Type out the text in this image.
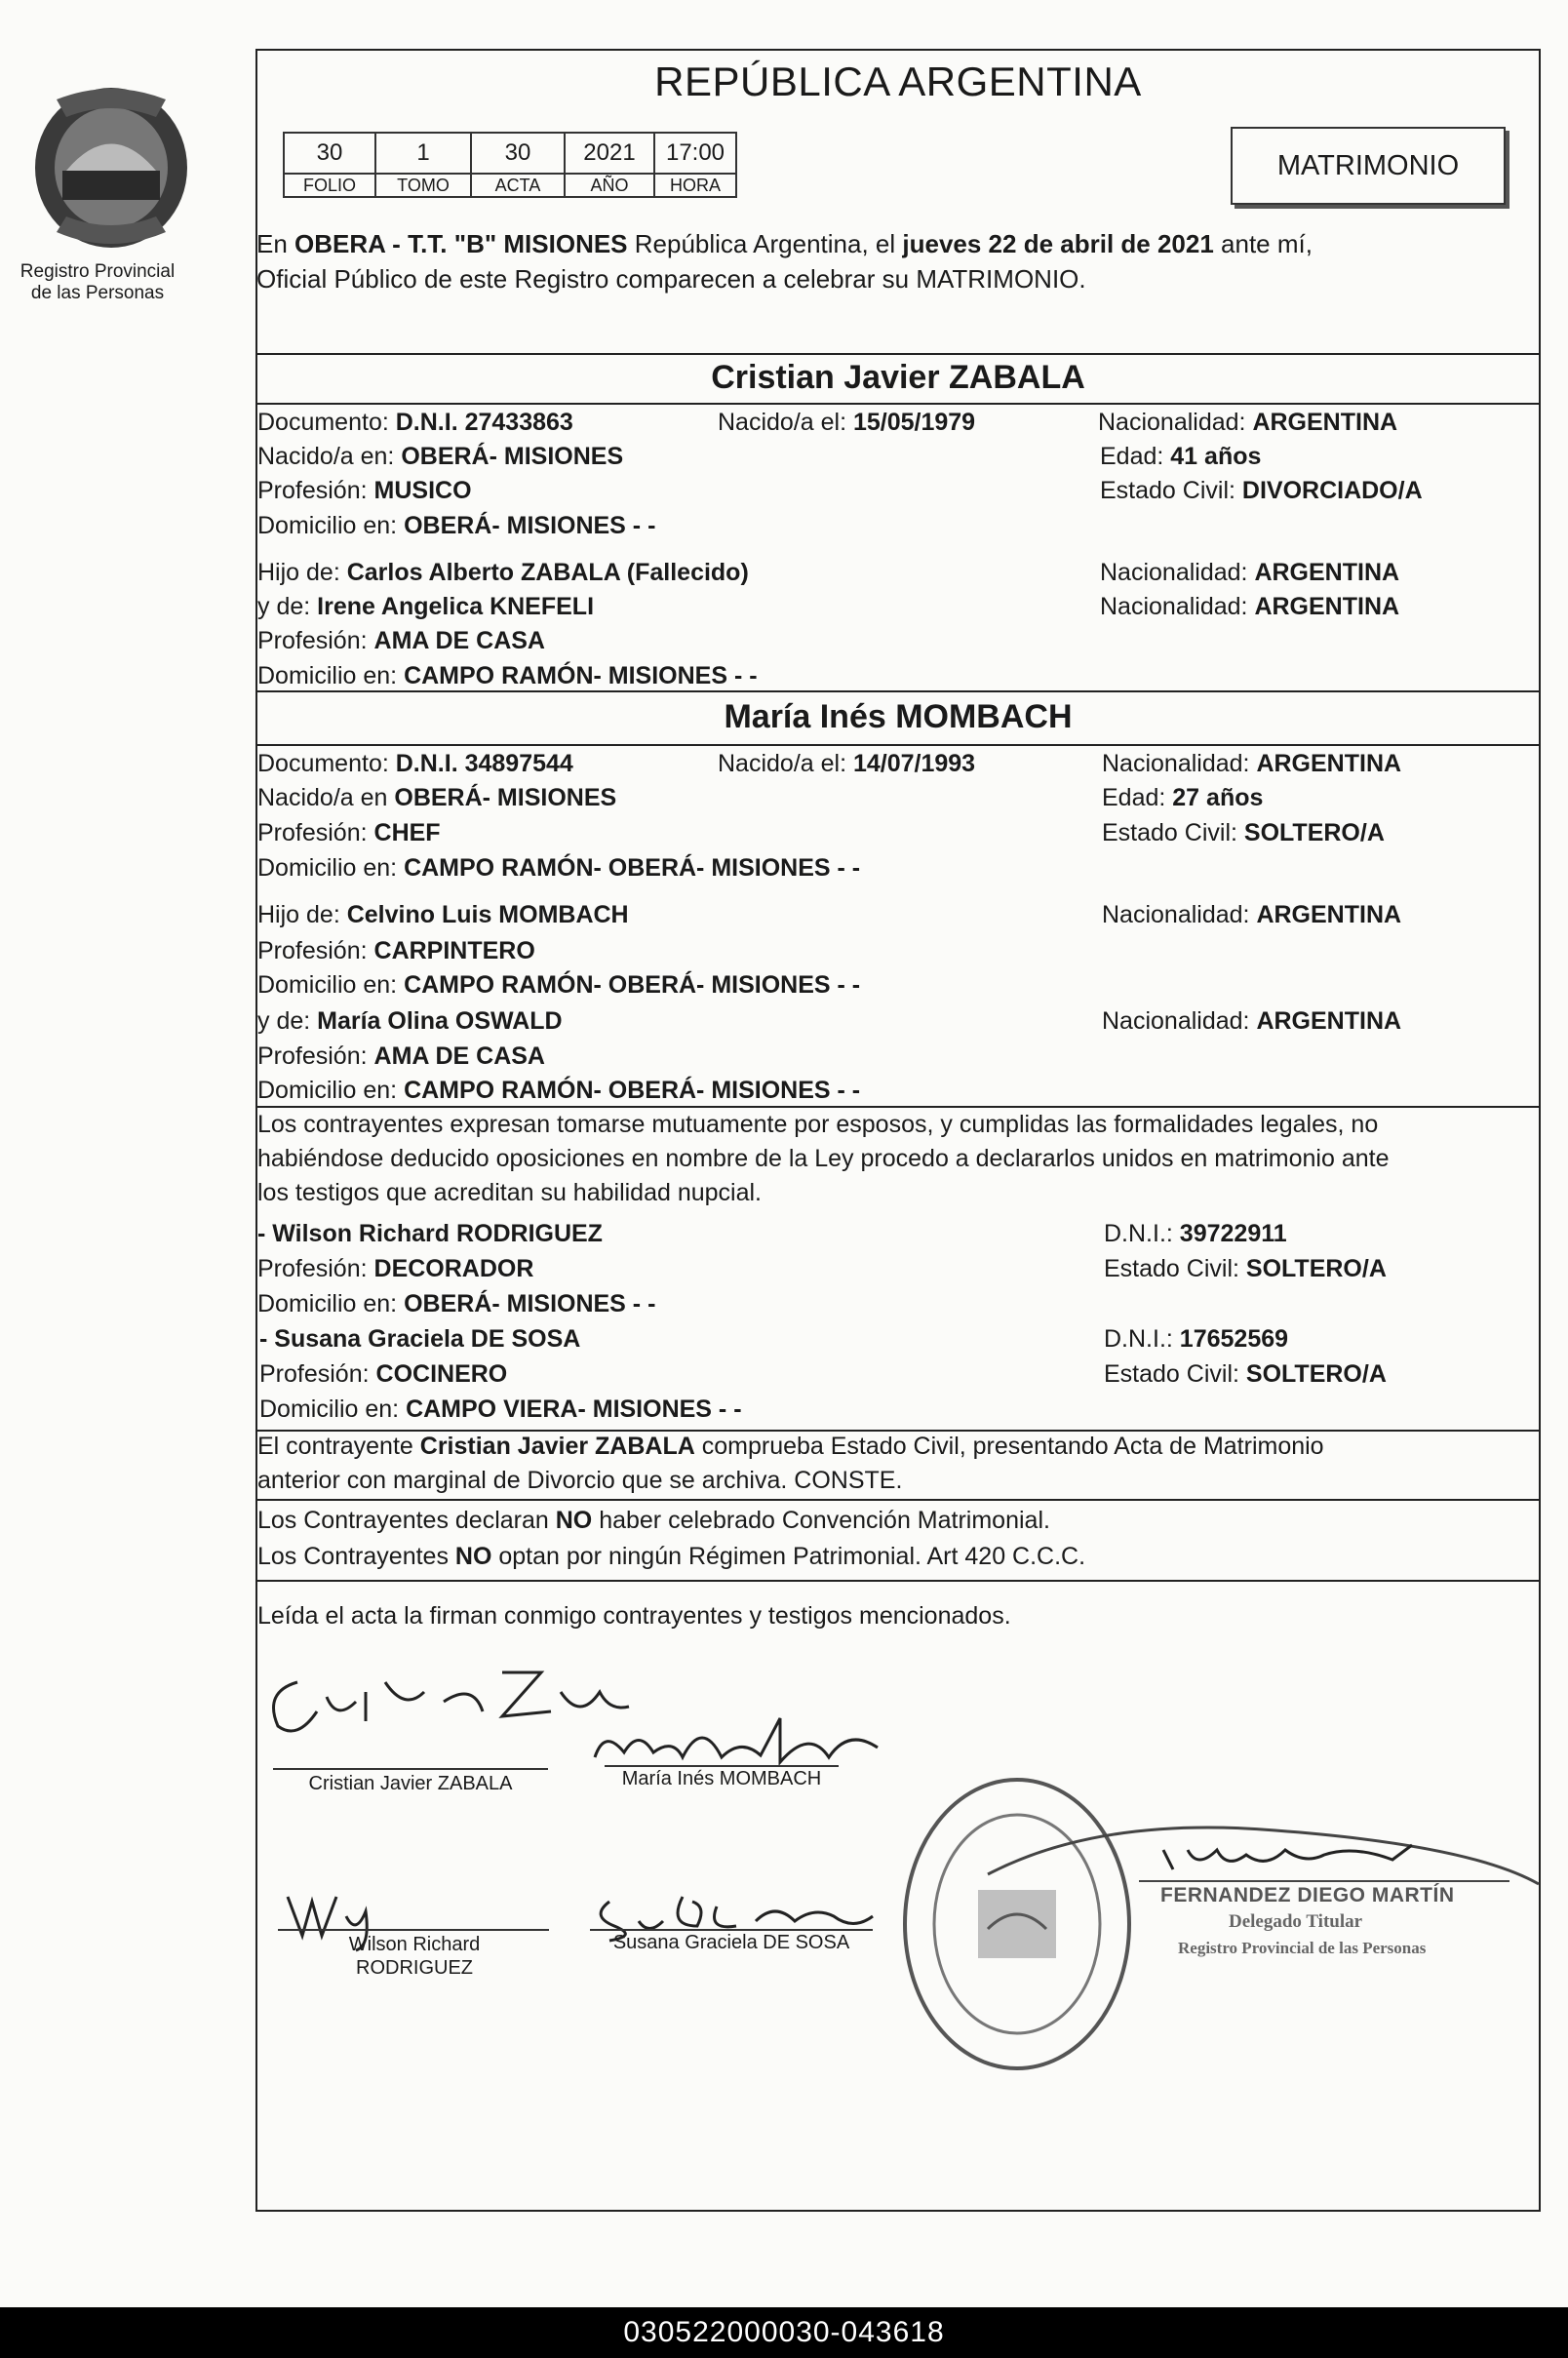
Registro Provincial
de las Personas
REPÚBLICA ARGENTINA
30	1	30	2021	17:00
FOLIO	TOMO	ACTA	AÑO	HORA
MATRIMONIO
En OBERA - T.T. "B" MISIONES República Argentina, el jueves 22 de abril de 2021 ante mí,
Oficial Público de este Registro comparecen a celebrar su MATRIMONIO.
Cristian Javier ZABALA
Documento: D.N.I. 27433863	Nacido/a el: 15/05/1979	Nacionalidad: ARGENTINA
Nacido/a en: OBERÁ- MISIONES	Edad: 41 años
Profesión: MUSICO	Estado Civil: DIVORCIADO/A
Domicilio en: OBERÁ- MISIONES - -
Hijo de: Carlos Alberto ZABALA (Fallecido)	Nacionalidad: ARGENTINA
y de: Irene Angelica KNEFELI	Nacionalidad: ARGENTINA
Profesión: AMA DE CASA
Domicilio en: CAMPO RAMÓN- MISIONES - -
María Inés MOMBACH
Documento: D.N.I. 34897544	Nacido/a el: 14/07/1993	Nacionalidad: ARGENTINA
Nacido/a en OBERÁ- MISIONES	Edad: 27 años
Profesión: CHEF	Estado Civil: SOLTERO/A
Domicilio en: CAMPO RAMÓN- OBERÁ- MISIONES - -
Hijo de: Celvino Luis MOMBACH	Nacionalidad: ARGENTINA
Profesión: CARPINTERO
Domicilio en: CAMPO RAMÓN- OBERÁ- MISIONES - -
y de: María Olina OSWALD	Nacionalidad: ARGENTINA
Profesión: AMA DE CASA
Domicilio en: CAMPO RAMÓN- OBERÁ- MISIONES - -
Los contrayentes expresan tomarse mutuamente por esposos, y cumplidas las formalidades legales, no
habiéndose deducido oposiciones en nombre de la Ley procedo a declararlos unidos en matrimonio ante
los testigos que acreditan su habilidad nupcial.
- Wilson Richard RODRIGUEZ	D.N.I.: 39722911
Profesión: DECORADOR	Estado Civil: SOLTERO/A
Domicilio en: OBERÁ- MISIONES - -
- Susana Graciela DE SOSA	D.N.I.: 17652569
Profesión: COCINERO	Estado Civil: SOLTERO/A
Domicilio en: CAMPO VIERA- MISIONES - -
El contrayente Cristian Javier ZABALA comprueba Estado Civil, presentando Acta de Matrimonio
anterior con marginal de Divorcio que se archiva. CONSTE.
Los Contrayentes declaran NO haber celebrado Convención Matrimonial.
Los Contrayentes NO optan por ningún Régimen Patrimonial. Art 420 C.C.C.
Leída el acta la firman conmigo contrayentes y testigos mencionados.
Cristian Javier ZABALA	María Inés MOMBACH
Wilson Richard
RODRIGUEZ
Susana Graciela DE SOSA
FERNANDEZ DIEGO MARTÍN
Delegado Titular
Registro Provincial de las Personas
030522000030-043618
